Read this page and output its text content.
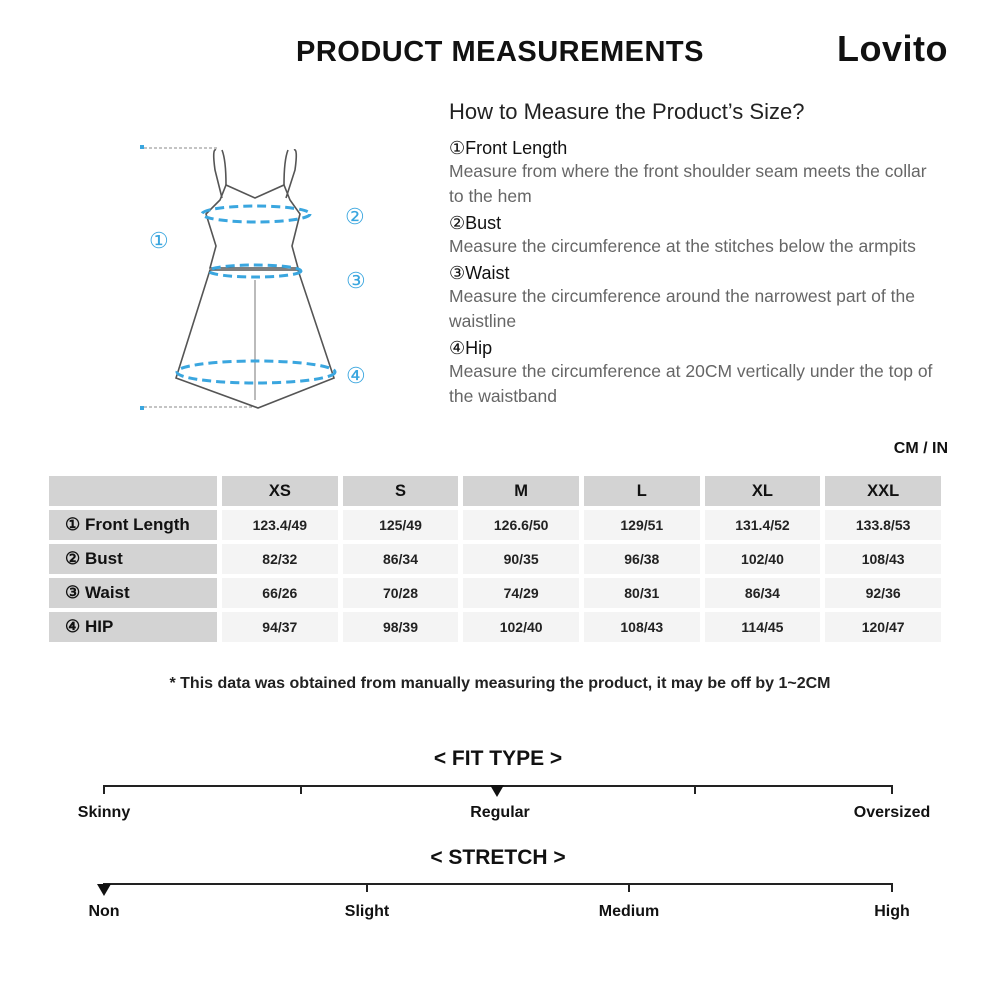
PRODUCT MEASUREMENTS	Lovito
①
②
③
④
How to Measure the Product’s Size?
①Front Length
Measure from where the front shoulder seam meets the collar to the hem
②Bust
Measure the circumference at the stitches below the armpits
③Waist
Measure the circumference around the narrowest part of the waistline
④Hip
Measure the circumference at 20CM vertically under the top of the waistband
CM / IN
	XS	S	M	L	XL	XXL
① Front Length	123.4/49	125/49	126.6/50	129/51	131.4/52	133.8/53
② Bust	82/32	86/34	90/35	96/38	102/40	108/43
③ Waist	66/26	70/28	74/29	80/31	86/34	92/36
④ HIP	94/37	98/39	102/40	108/43	114/45	120/47
* This data was obtained from manually measuring the product, it may be off by 1~2CM
< FIT TYPE >
Skinny	Regular	Oversized
< STRETCH >
Non	Slight	Medium	High
